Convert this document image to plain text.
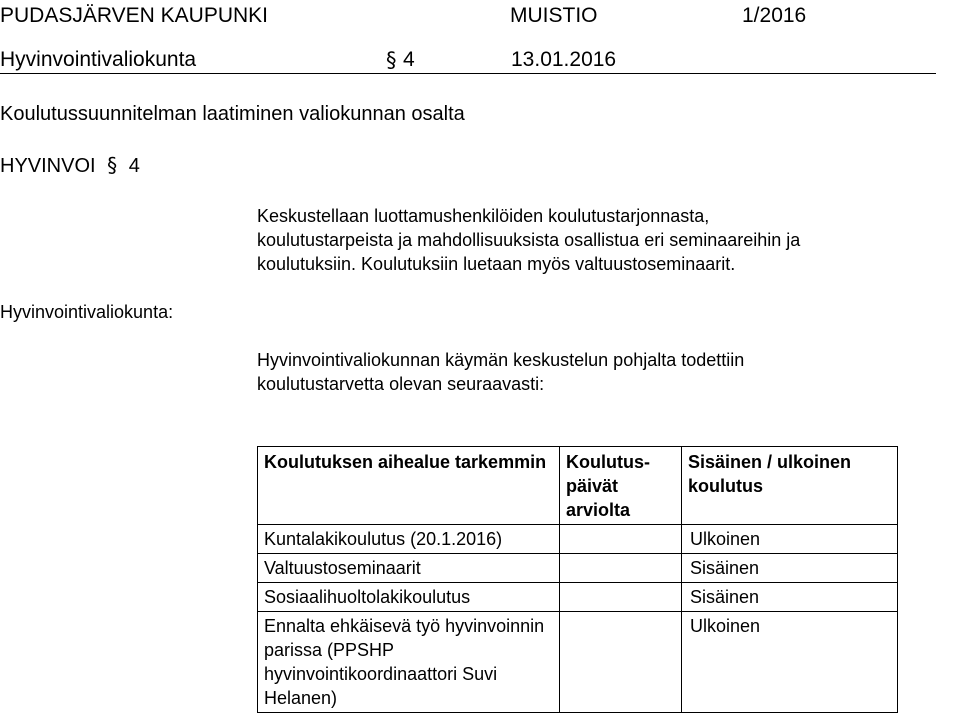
PUDASJÄRVEN KAUPUNKI	MUISTIO	1/2016
Hyvinvointivaliokunta	§ 4	13.01.2016
Koulutussuunnitelman laatiminen valiokunnan osalta
HYVINVOI § 4
Keskustellaan luottamushenkilöiden koulutustarjonnasta,
koulutustarpeista ja mahdollisuuksista osallistua eri seminaareihin ja
koulutuksiin. Koulutuksiin luetaan myös valtuustoseminaarit.
Hyvinvointivaliokunta:
Hyvinvointivaliokunnan käymän keskustelun pohjalta todettiin
koulutustarvetta olevan seuraavasti:
Koulutuksen aihealue tarkemmin	Koulutus-päivät arviolta	Sisäinen / ulkoinen koulutus
Kuntalakikoulutus (20.1.2016)		Ulkoinen
Valtuustoseminaarit		Sisäinen
Sosiaalihuoltolakikoulutus		Sisäinen
Ennalta ehkäisevä työ hyvinvoinnin parissa (PPSHP hyvinvointikoordinaattori Suvi Helanen)		Ulkoinen
